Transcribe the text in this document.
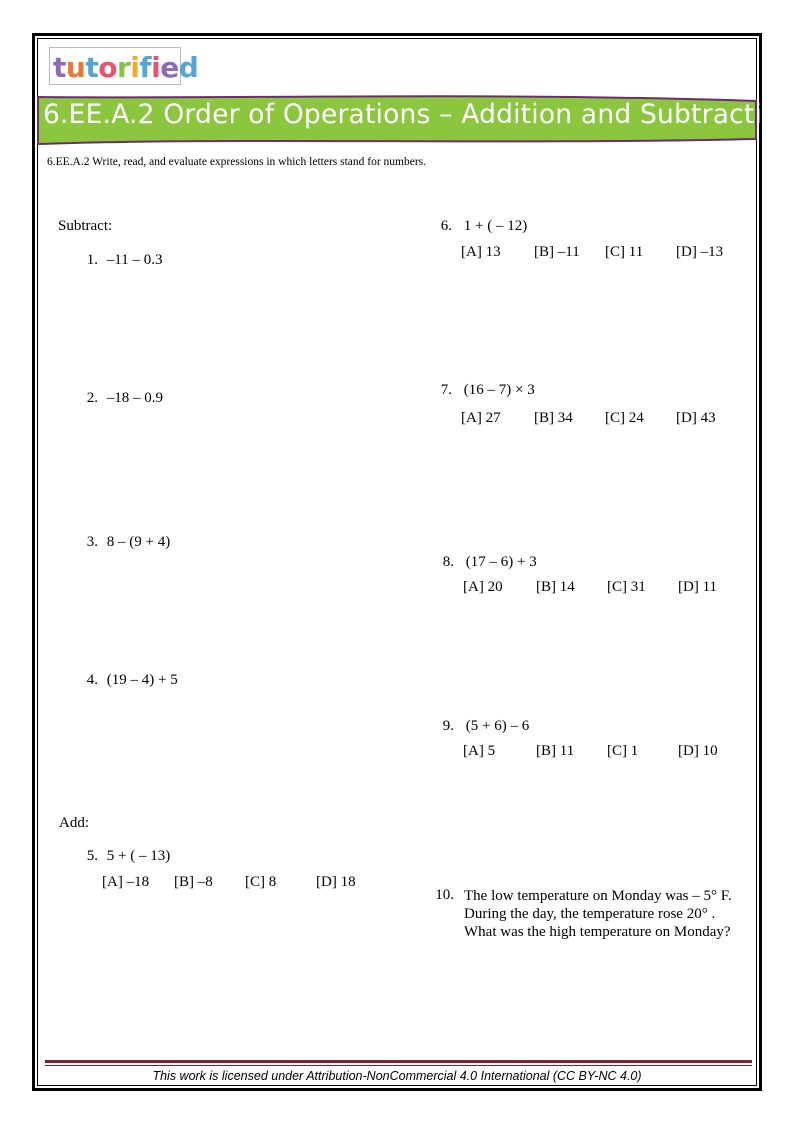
tutorified
6.EE.A.2 Order of Operations – Addition and Subtraction
6.EE.A.2 Write, read, and evaluate expressions in which letters stand for numbers.
Subtract:
1. –11 – 0.3
2. –18 – 0.9
3. 8 – (9 + 4)
4. (19 – 4) + 5
Add:
5. 5 + ( – 13)
[A] –18 [B] –8 [C] 8	[D] 18
6. 1 + ( – 12)
[A] 13 [B] –11 [C] 11 [D] –13
7. (16 – 7) × 3
[A] 27 [B] 34 [C] 24 [D] 43
8. (17 – 6) + 3
[A] 20 [B] 14 [C] 31 [D] 11
9. (5 + 6) – 6
[A] 5	[B] 11 [C] 1	[D] 10
10. The low temperature on Monday was – 5° F.
During the day, the temperature rose 20° .
What was the high temperature on Monday?
This work is licensed under Attribution-NonCommercial 4.0 International (CC BY-NC 4.0)
